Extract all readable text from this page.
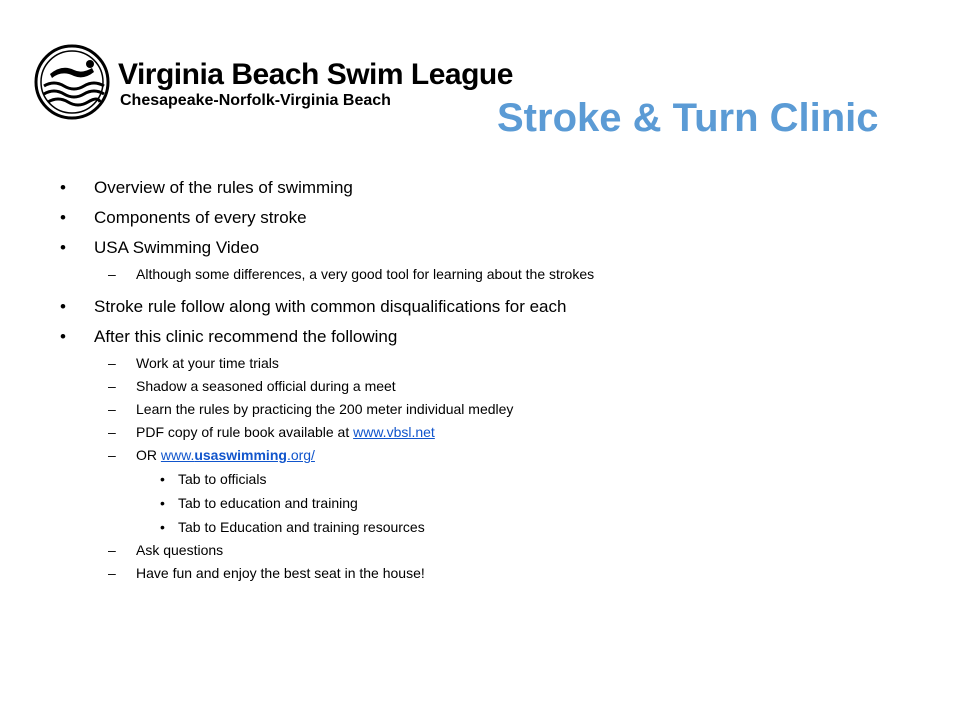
Virginia Beach Swim League
Chesapeake-Norfolk-Virginia Beach	Stroke & Turn Clinic
• Overview of the rules of swimming
• Components of every stroke
• USA Swimming Video
– Although some differences, a very good tool for learning about the strokes
• Stroke rule follow along with common disqualifications for each
• After this clinic recommend the following
– Work at your time trials
– Shadow a seasoned official during a meet
– Learn the rules by practicing the 200 meter individual medley
– PDF copy of rule book available at www.vbsl.net
– OR www.usaswimming.org/
• Tab to officials
• Tab to education and training
• Tab to Education and training resources
– Ask questions
– Have fun and enjoy the best seat in the house!
